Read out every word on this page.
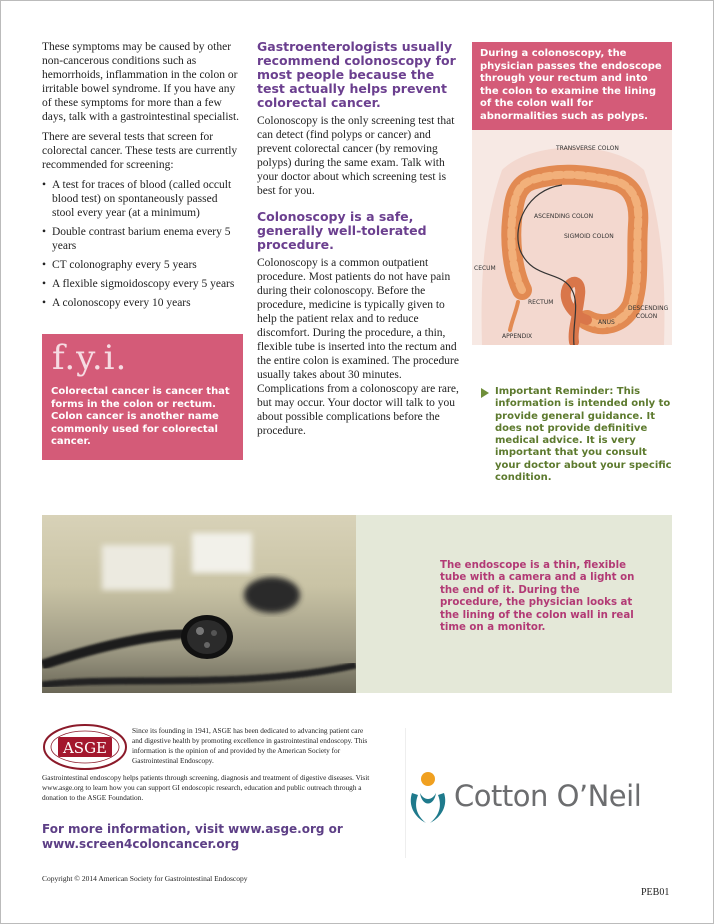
These symptoms may be caused by other non-cancerous conditions such as hemorrhoids, inflammation in the colon or irritable bowel syndrome. If you have any of these symptoms for more than a few days, talk with a gastrointestinal specialist.

There are several tests that screen for colorectal cancer. These tests are currently recommended for screening:

• A test for traces of blood (called occult blood test) on spontaneously passed stool every year (at a minimum)
• Double contrast barium enema every 5 years
• CT colonography every 5 years
• A flexible sigmoidoscopy every 5 years
• A colonoscopy every 10 years
f.y.i.
Colorectal cancer is cancer that forms in the colon or rectum. Colon cancer is another name commonly used for colorectal cancer.
Gastroenterologists usually recommend colonoscopy for most people because the test actually helps prevent colorectal cancer.

Colonoscopy is the only screening test that can detect (find polyps or cancer) and prevent colorectal cancer (by removing polyps) during the same exam. Talk with your doctor about which screening test is best for you.

Colonoscopy is a safe, generally well-tolerated procedure.

Colonoscopy is a common outpatient procedure. Most patients do not have pain during their colonoscopy. Before the procedure, medicine is typically given to help the patient relax and to reduce discomfort. During the procedure, a thin, flexible tube is inserted into the rectum and the entire colon is examined. The procedure usually takes about 30 minutes. Complications from a colonoscopy are rare, but may occur. Your doctor will talk to you about possible complications before the procedure.

During a colonoscopy, the physician passes the endoscope through your rectum and into the colon to examine the lining of the colon wall for abnormalities such as polyps.
TRANSVERSE COLON
ASCENDING COLON
SIGMOID COLON
CECUM
RECTUM
ANUS
DESCENDING
COLON
APPENDIX
Important Reminder: This information is intended only to provide general guidance. It does not provide definitive medical advice. It is very important that you consult your doctor about your specific condition.
The endoscope is a thin, flexible tube with a camera and a light on the end of it. During the procedure, the physician looks at the lining of the colon wall in real time on a monitor.
ASGE
Since its founding in 1941, ASGE has been dedicated to advancing patient care and digestive health by promoting excellence in gastrointestinal endoscopy. This information is the opinion of and provided by the American Society for Gastrointestinal Endoscopy.
Gastrointestinal endoscopy helps patients through screening, diagnosis and treatment of digestive diseases. Visit www.asge.org to learn how you can support GI endoscopic research, education and public outreach through a donation to the ASGE Foundation.
For more information, visit www.asge.org or www.screen4coloncancer.org
Copyright © 2014 American Society for Gastrointestinal Endoscopy
PEB01
Cotton O’Neil
